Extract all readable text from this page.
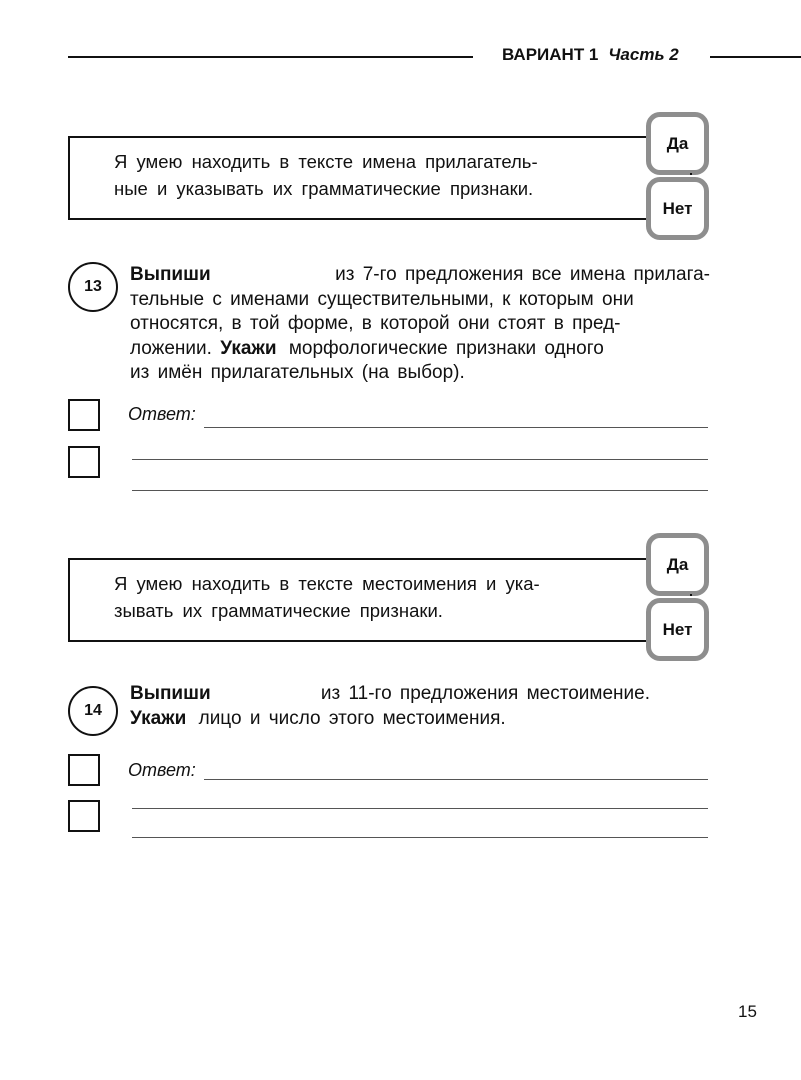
ВАРИАНТ 1 Часть 2
Я умею находить в тексте имена прилагатель-
ные и указывать их грамматические признаки.
Да
Нет
13
Выпиши	из 7-го предложения все имена прилага-
тельные с именами существительными, к которым они
относятся, в той форме, в которой они стоят в пред-
ложении. Укажи морфологические признаки одного
из имён прилагательных (на выбор).
Ответ:
Я умею находить в тексте местоимения и ука-
зывать их грамматические признаки.
Да
Нет
14
Выпиши	из 11-го предложения местоимение.
Укажи лицо и число этого местоимения.
Ответ:
15
